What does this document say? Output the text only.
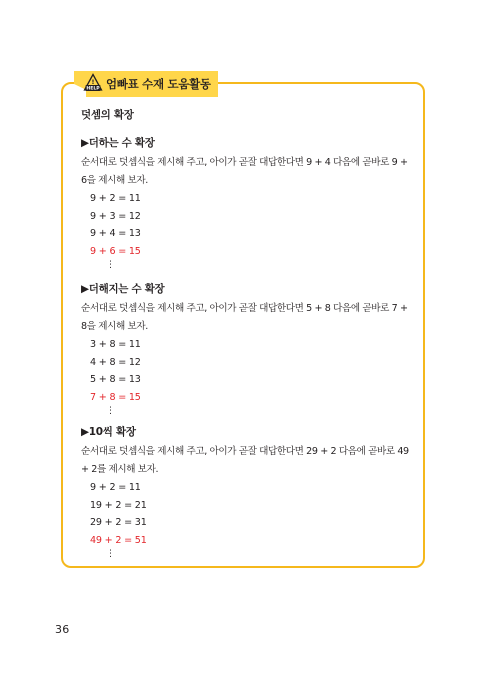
HELP
! 엄빠표 수재 도움활동
덧셈의 확장
▶더하는 수 확장
순서대로 덧셈식을 제시해 주고, 아이가 곧잘 대답한다면 9 + 4 다음에 곧바로 9 + 6을 제시해 보자.
9 + 2 = 11
9 + 3 = 12
9 + 4 = 13
9 + 6 = 15
⋮
▶더해지는 수 확장
순서대로 덧셈식을 제시해 주고, 아이가 곧잘 대답한다면 5 + 8 다음에 곧바로 7 + 8을 제시해 보자.
3 + 8 = 11
4 + 8 = 12
5 + 8 = 13
7 + 8 = 15
⋮
▶10씩 확장
순서대로 덧셈식을 제시해 주고, 아이가 곧잘 대답한다면 29 + 2 다음에 곧바로 49 + 2를 제시해 보자.
9 + 2 = 11
19 + 2 = 21
29 + 2 = 31
49 + 2 = 51
⋮
36
